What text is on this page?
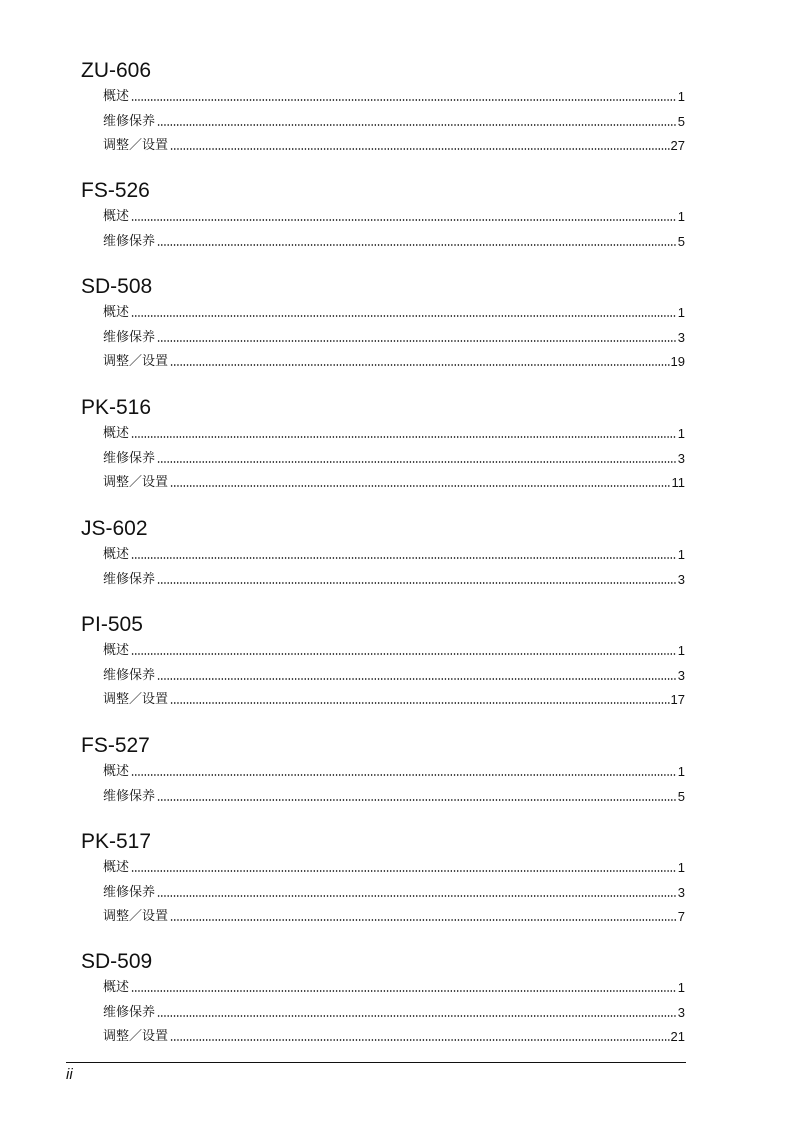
ZU-606
概述	1
维修保养	5
调整／设置	27
FS-526
概述	1
维修保养	5
SD-508
概述	1
维修保养	3
调整／设置	19
PK-516
概述	1
维修保养	3
调整／设置	11
JS-602
概述	1
维修保养	3
PI-505
概述	1
维修保养	3
调整／设置	17
FS-527
概述	1
维修保养	5
PK-517
概述	1
维修保养	3
调整／设置	7
SD-509
概述	1
维修保养	3
调整／设置	21
ii
